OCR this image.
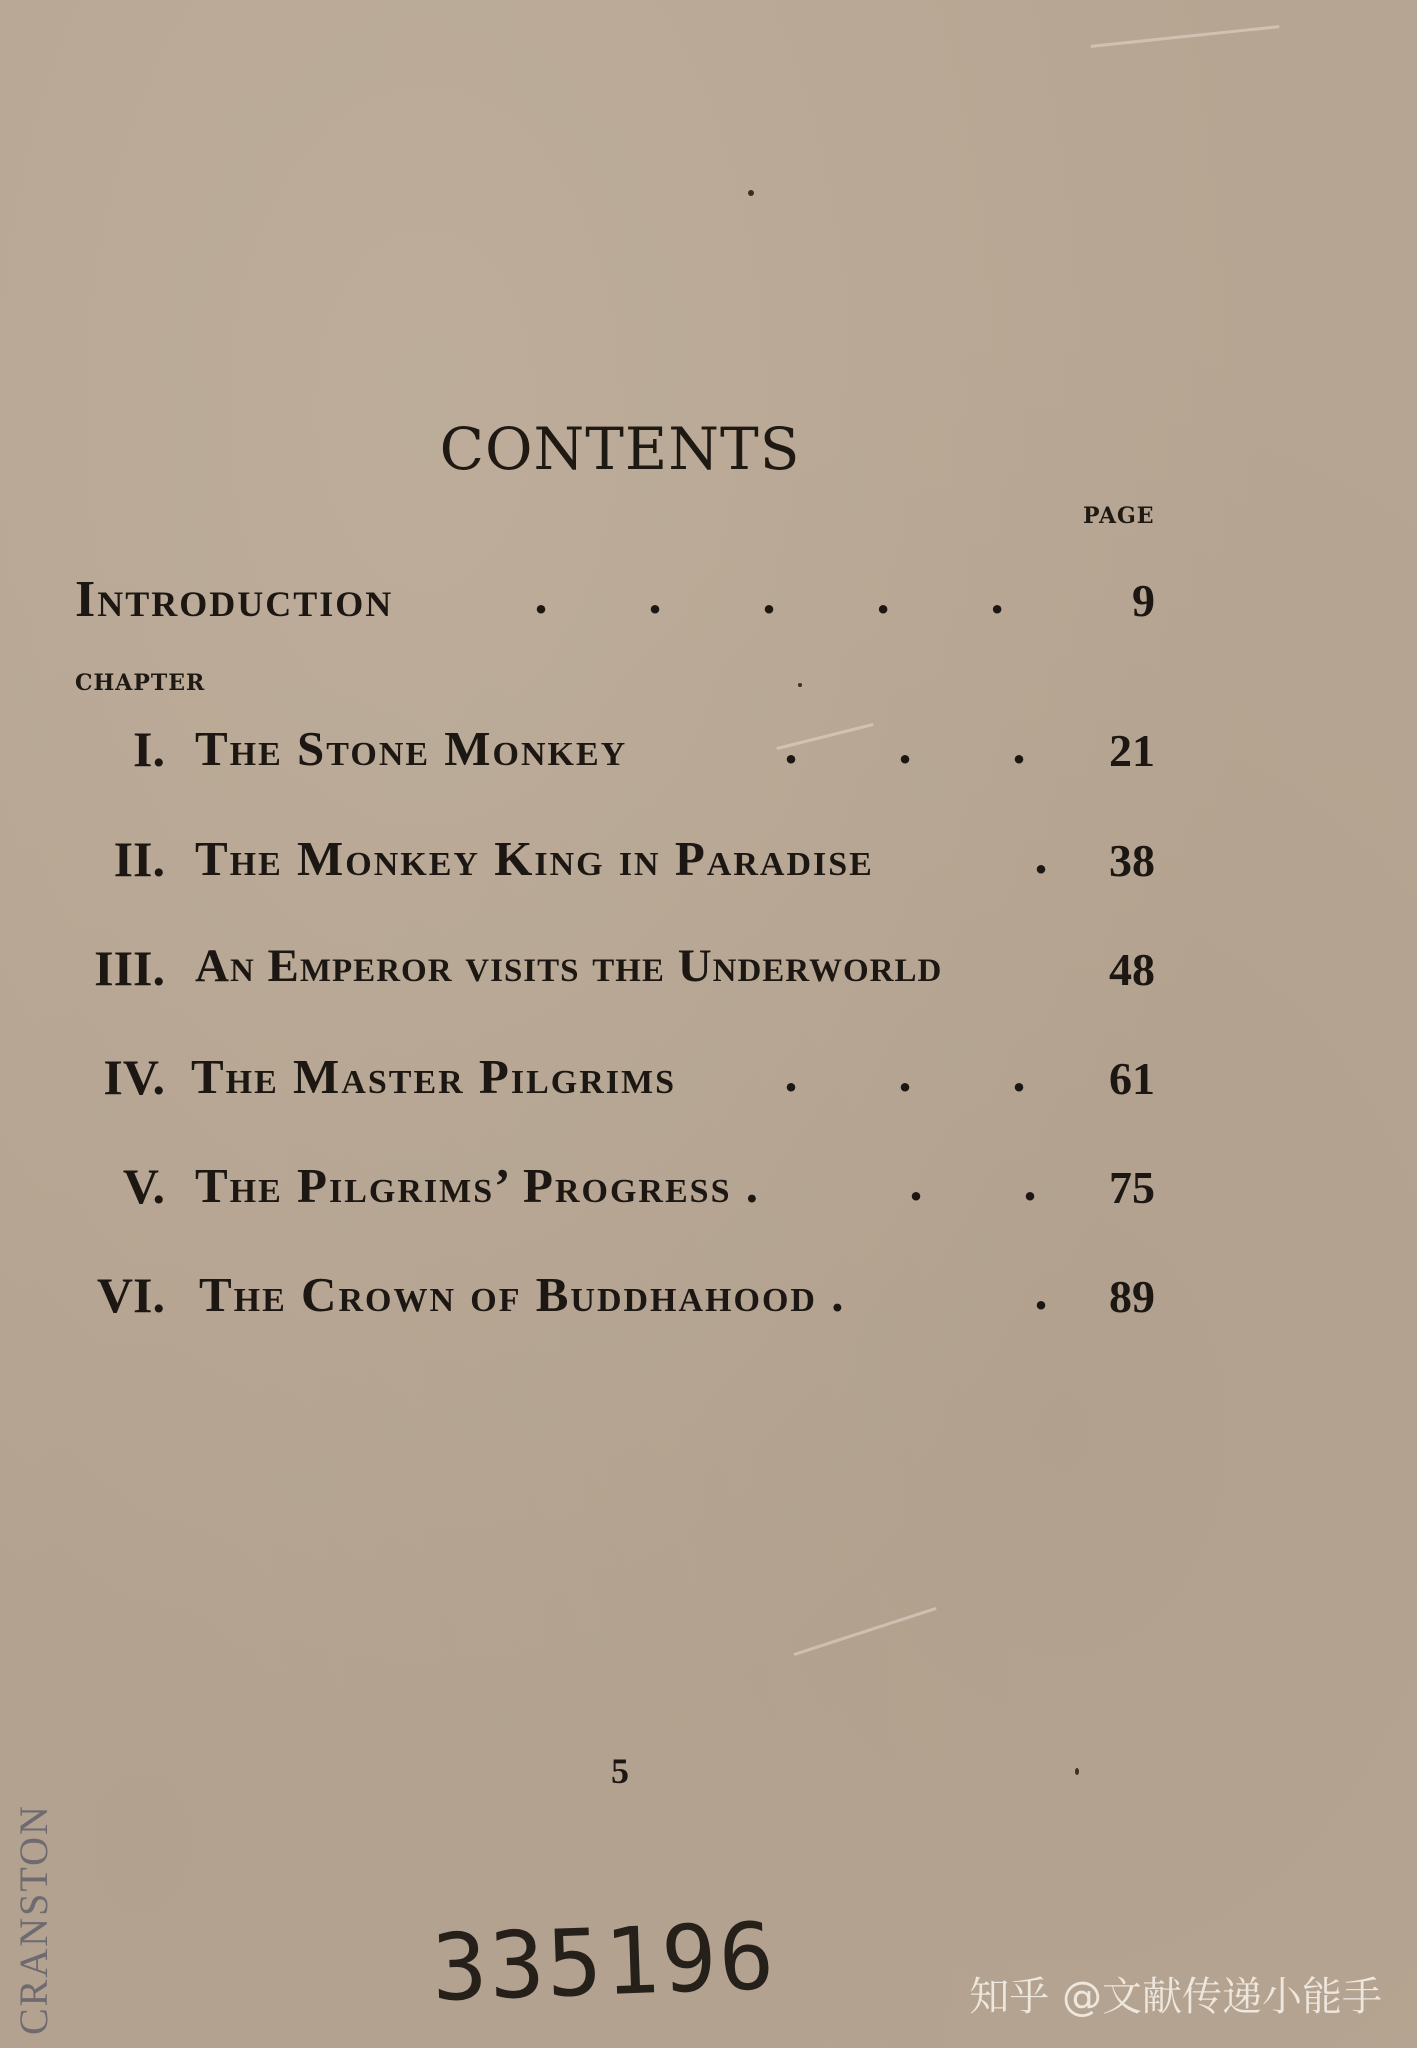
CONTENTS
PAGE
Introduction	. . . . .	9
CHAPTER
I. The Stone Monkey	. . .	21
II. The Monkey King in Paradise	.	38
III. An Emperor visits the Underworld	48
IV. The Master Pilgrims . . .	61
V. The Pilgrims’ Progress .	. .	75
VI. The Crown of Buddhahood .	.	89
5
CRANSTON	335196	知乎 @文献传递小能手
